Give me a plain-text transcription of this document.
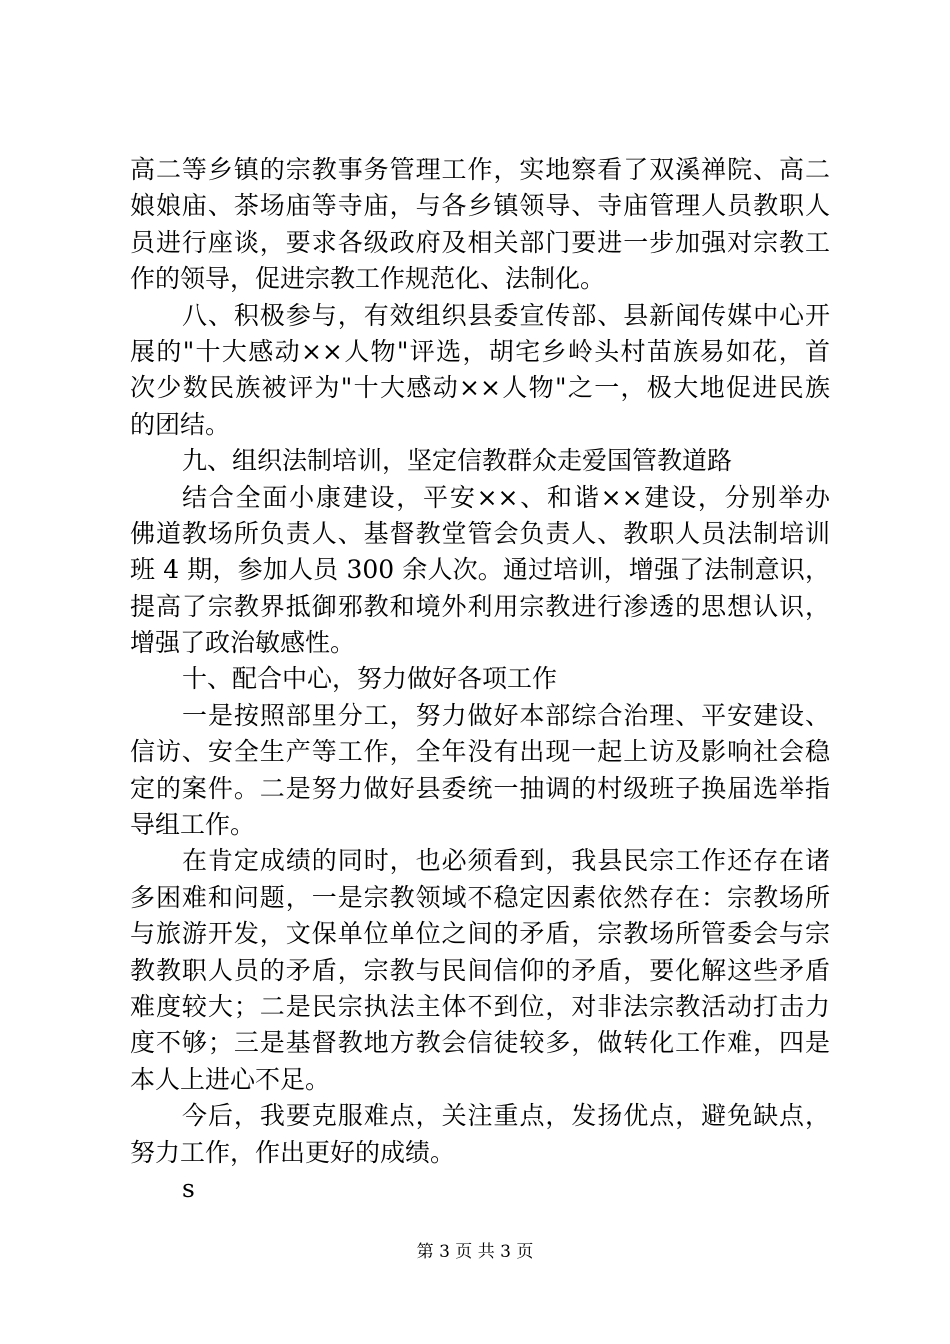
高二等乡镇的宗教事务管理工作，实地察看了双溪禅院、高二
娘娘庙、茶场庙等寺庙，与各乡镇领导、寺庙管理人员教职人
员进行座谈，要求各级政府及相关部门要进一步加强对宗教工
作的领导，促进宗教工作规范化、法制化。
八、积极参与，有效组织县委宣传部、县新闻传媒中心开
展的"十大感动××人物"评选，胡宅乡岭头村苗族易如花，首
次少数民族被评为"十大感动××人物"之一，极大地促进民族
的团结。
九、组织法制培训，坚定信教群众走爱国管教道路
结合全面小康建设，平安××、和谐××建设，分别举办
佛道教场所负责人、基督教堂管会负责人、教职人员法制培训
班 4 期，参加人员 300 余人次。通过培训，增强了法制意识，
提高了宗教界抵御邪教和境外利用宗教进行渗透的思想认识，
增强了政治敏感性。
十、配合中心，努力做好各项工作
一是按照部里分工，努力做好本部综合治理、平安建设、
信访、安全生产等工作，全年没有出现一起上访及影响社会稳
定的案件。二是努力做好县委统一抽调的村级班子换届选举指
导组工作。
在肯定成绩的同时，也必须看到，我县民宗工作还存在诸
多困难和问题，一是宗教领域不稳定因素依然存在：宗教场所
与旅游开发，文保单位单位之间的矛盾，宗教场所管委会与宗
教教职人员的矛盾，宗教与民间信仰的矛盾，要化解这些矛盾
难度较大；二是民宗执法主体不到位，对非法宗教活动打击力
度不够；三是基督教地方教会信徒较多，做转化工作难，四是
本人上进心不足。
今后，我要克服难点，关注重点，发扬优点，避免缺点，
努力工作，作出更好的成绩。
s
第 3 页 共 3 页
